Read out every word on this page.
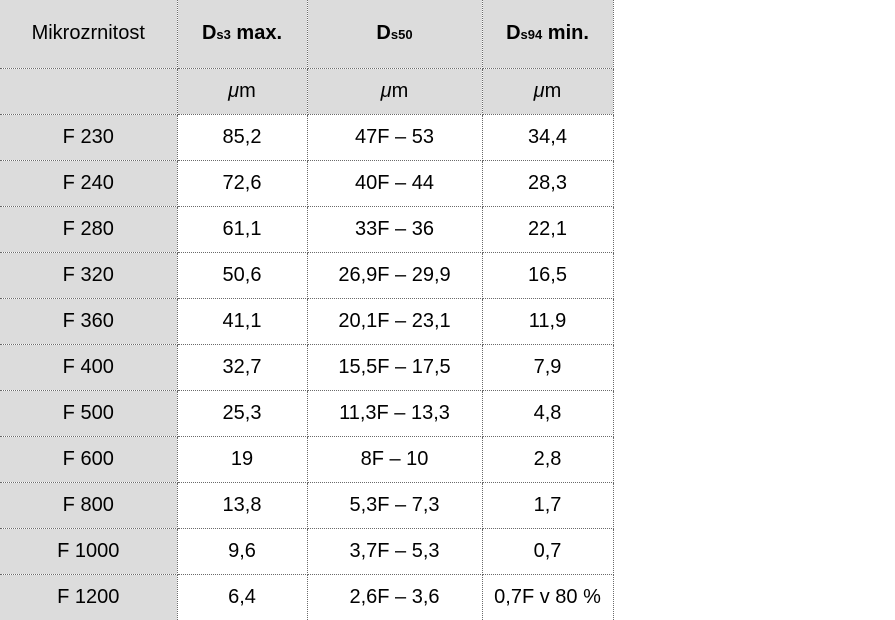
Mikrozrnitost	Ds3 max.	Ds50	Ds94 min.
	μm	μm	μm
F 230	85,2	47F – 53	34,4
F 240	72,6	40F – 44	28,3
F 280	61,1	33F – 36	22,1
F 320	50,6	26,9F – 29,9	16,5
F 360	41,1	20,1F – 23,1	11,9
F 400	32,7	15,5F – 17,5	7,9
F 500	25,3	11,3F – 13,3	4,8
F 600	19	8F – 10	2,8
F 800	13,8	5,3F – 7,3	1,7
F 1000	9,6	3,7F – 5,3	0,7
F 1200	6,4	2,6F – 3,6	0,7F v 80 %
